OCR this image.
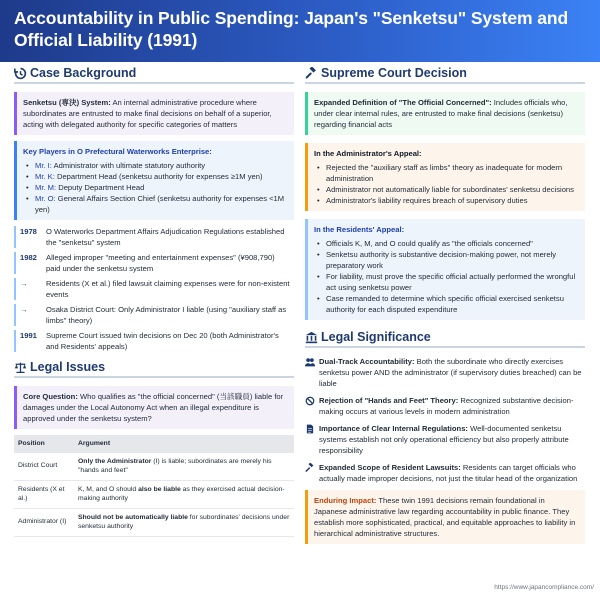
Accountability in Public Spending: Japan's "Senketsu" System and Official Liability (1991)
Case Background
Senketsu (専決) System: An internal administrative procedure where subordinates are entrusted to make final decisions on behalf of a superior, acting with delegated authority for specific categories of matters
Key Players in O Prefectural Waterworks Enterprise:
• Mr. I: Administrator with ultimate statutory authority
• Mr. K: Department Head (senketsu authority for expenses ≥1M yen)
• Mr. M: Deputy Department Head
• Mr. O: General Affairs Section Chief (senketsu authority for expenses <1M yen)
1978	O Waterworks Department Affairs Adjudication Regulations established the "senketsu" system
1982	Alleged improper "meeting and entertainment expenses" (¥908,790) paid under the senketsu system
→	Residents (X et al.) filed lawsuit claiming expenses were for non-existent events
→	Osaka District Court: Only Administrator I liable (using "auxiliary staff as limbs" theory)
1991	Supreme Court issued twin decisions on Dec 20 (both Administrator's and Residents' appeals)
Legal Issues
Core Question: Who qualifies as "the official concerned" (当該職員) liable for damages under the Local Autonomy Act when an illegal expenditure is approved under the senketsu system?
Position	Argument
District Court	Only the Administrator (I) is liable; subordinates are merely his "hands and feet"
Residents (X et al.)	K, M, and O should also be liable as they exercised actual decision-making authority
Administrator (I)	Should not be automatically liable for subordinates' decisions under senketsu authority
Supreme Court Decision
Expanded Definition of "The Official Concerned": Includes officials who, under clear internal rules, are entrusted to make final decisions (senketsu) regarding financial acts
In the Administrator's Appeal:
• Rejected the "auxiliary staff as limbs" theory as inadequate for modern administration
• Administrator not automatically liable for subordinates' senketsu decisions
• Administrator's liability requires breach of supervisory duties
In the Residents' Appeal:
• Officials K, M, and O could qualify as "the officials concerned"
• Senketsu authority is substantive decision-making power, not merely preparatory work
• For liability, must prove the specific official actually performed the wrongful act using senketsu power
• Case remanded to determine which specific official exercised senketsu authority for each disputed expenditure
Legal Significance
Dual-Track Accountability: Both the subordinate who directly exercises senketsu power AND the administrator (if supervisory duties breached) can be liable
Rejection of "Hands and Feet" Theory: Recognized substantive decision-making occurs at various levels in modern administration
Importance of Clear Internal Regulations: Well-documented senketsu systems establish not only operational efficiency but also properly attribute responsibility
Expanded Scope of Resident Lawsuits: Residents can target officials who actually made improper decisions, not just the titular head of the organization
Enduring Impact: These twin 1991 decisions remain foundational in Japanese administrative law regarding accountability in public finance. They establish more sophisticated, practical, and equitable approaches to liability in hierarchical administrative structures.
https://www.japancompliance.com/
